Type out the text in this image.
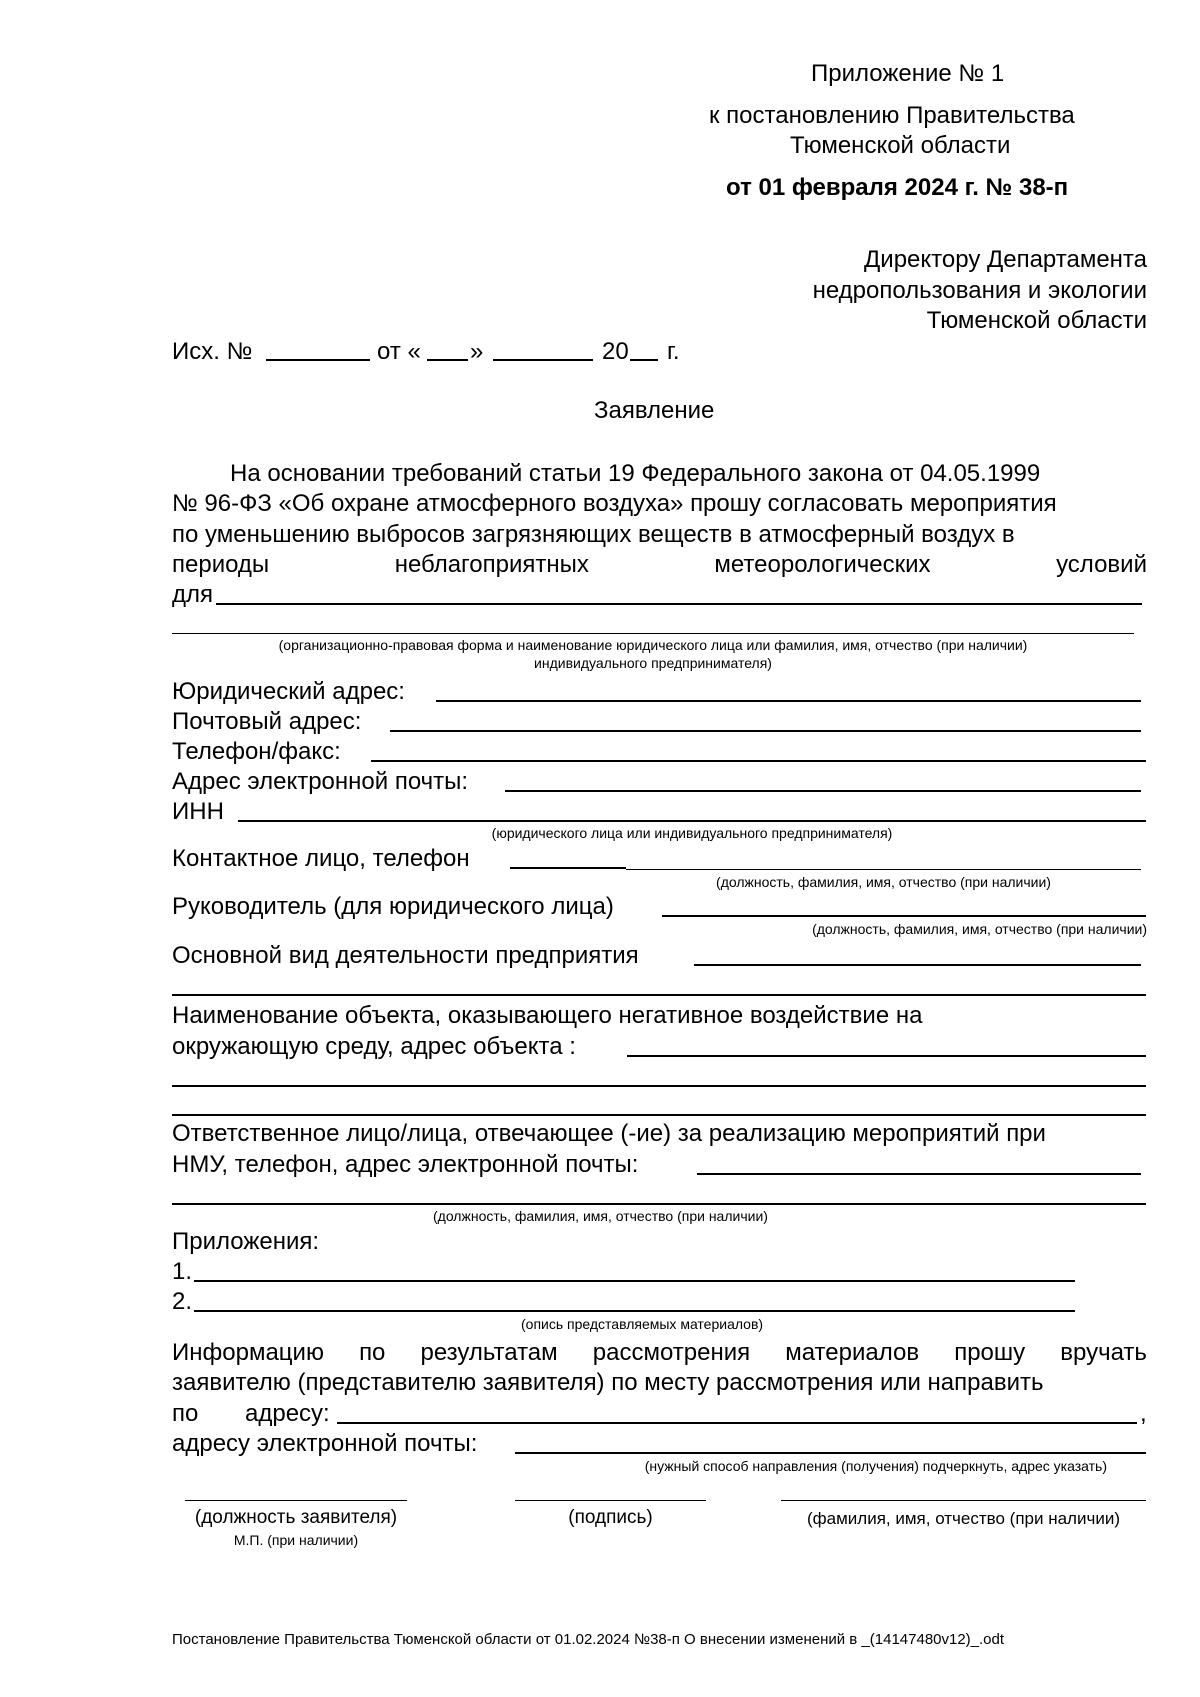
Приложение № 1
к постановлению Правительства
Тюменской области
от 01 февраля 2024 г. № 38-п
Директору Департамента
недропользования и экологии
Тюменской области
Исх. №	от « »	20 г.
Заявление
На основании требований статьи 19 Федерального закона от 04.05.1999
№ 96-ФЗ «Об охране атмосферного воздуха» прошу согласовать мероприятия
по уменьшению выбросов загрязняющих веществ в атмосферный воздух в
периоды	неблагоприятных	метеорологических	условий
для
(организационно-правовая форма и наименование юридического лица или фамилия, имя, отчество (при наличии)
индивидуального предпринимателя)
Юридический адрес:
Почтовый адрес:
Телефон/факс:
Адрес электронной почты:
ИНН
(юридического лица или индивидуального предпринимателя)
Контактное лицо, телефон
(должность, фамилия, имя, отчество (при наличии)
Руководитель (для юридического лица)
(должность, фамилия, имя, отчество (при наличии)
Основной вид деятельности предприятия
Наименование объекта, оказывающего негативное воздействие на
окружающую среду, адрес объекта :
Ответственное лицо/лица, отвечающее (-ие) за реализацию мероприятий при
НМУ, телефон, адрес электронной почты:
(должность, фамилия, имя, отчество (при наличии)
Приложения:
1.
2.
(опись представляемых материалов)
Информацию по результатам рассмотрения материалов прошу вручать
заявителю (представителю заявителя) по месту рассмотрения или направить
по адресу:	,
адресу электронной почты:
(нужный способ направления (получения) подчеркнуть, адрес указать)
(должность заявителя)	(подпись)	(фамилия, имя, отчество (при наличии)
М.П. (при наличии)
Постановление Правительства Тюменской области от 01.02.2024 №38-п О внесении изменений в _(14147480v12)_.odt
